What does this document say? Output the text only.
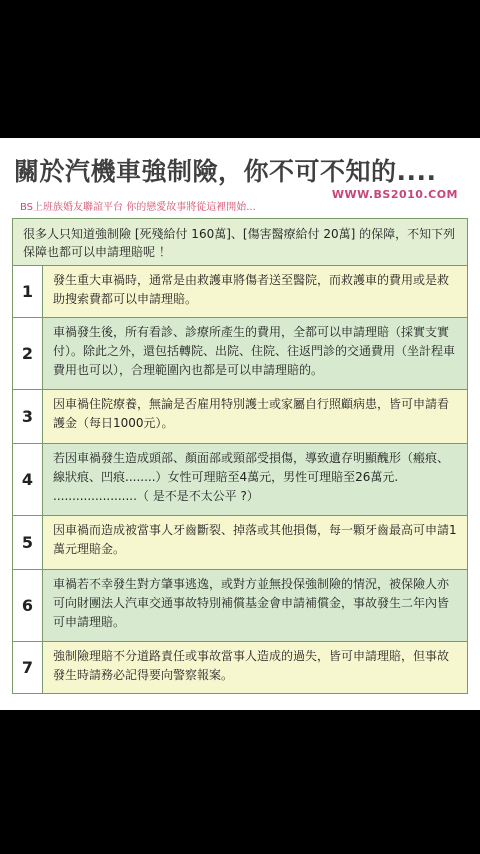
關於汽機車強制險，你不可不知的....
BS上班族婚友聯誼平台 你的戀愛故事將從這裡開始...
WWW.BS2010.COM
很多人只知道強制險 [死殘給付 160萬]、[傷害醫療給付 20萬] 的保障，不知下列保障也都可以申請理賠呢 ！
1
發生重大車禍時，通常是由救護車將傷者送至醫院，而救護車的費用或是救助搜索費都可以申請理賠。
2
車禍發生後，所有看診、診療所產生的費用，全都可以申請理賠（採實支實付）。除此之外，還包括轉院、出院、住院、往返門診的交通費用（坐計程車費用也可以），合理範圍內也都是可以申請理賠的。
3
因車禍住院療養，無論是否雇用特別護士或家屬自行照顧病患，皆可申請看護金（每日1000元）。
4
若因車禍發生造成頭部、顏面部或頸部受損傷，導致遺存明顯醜形（瘢痕、線狀痕、凹痕........）女性可理賠至4萬元，男性可理賠至26萬元. ......................（ 是不是不太公平 ?）
5
因車禍而造成被當事人牙齒斷裂、掉落或其他損傷，每一顆牙齒最高可申請1萬元理賠金。
6
車禍若不幸發生對方肇事逃逸，或對方並無投保強制險的情況，被保險人亦可向財團法人汽車交通事故特別補償基金會申請補償金，事故發生二年內皆可申請理賠。
7
強制險理賠不分道路責任或事故當事人造成的過失，皆可申請理賠，但事故發生時請務必記得要向警察報案。
